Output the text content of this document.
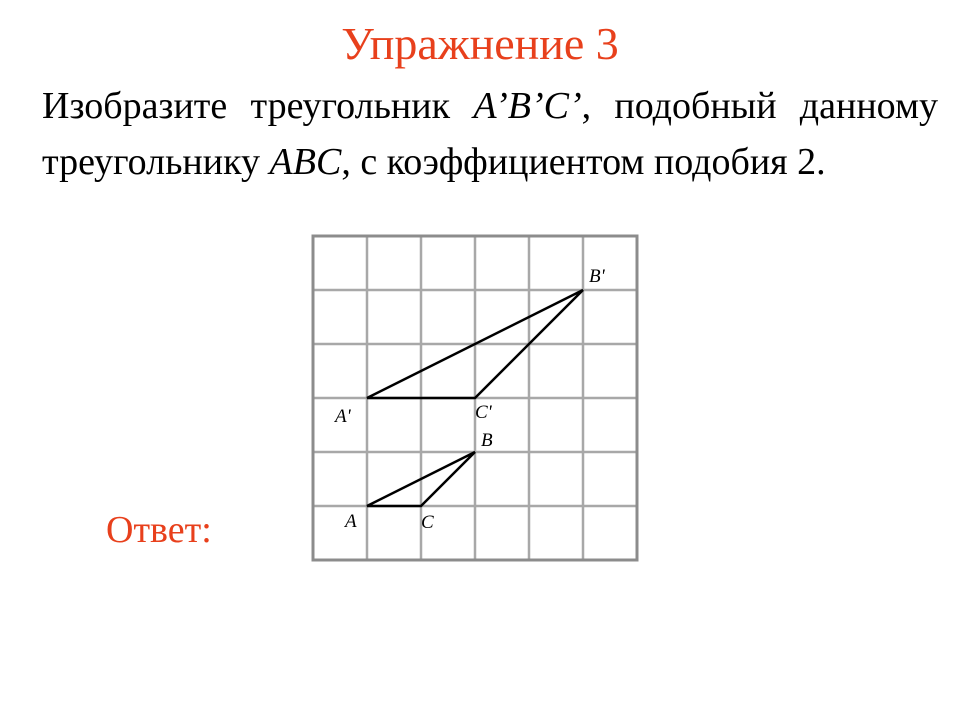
Упражнение 3
Изобразите треугольник A’B’C’, подобный данному треугольнику ABC, с коэффициентом подобия 2.
Ответ:	A
B
C
A'
B'
C'
